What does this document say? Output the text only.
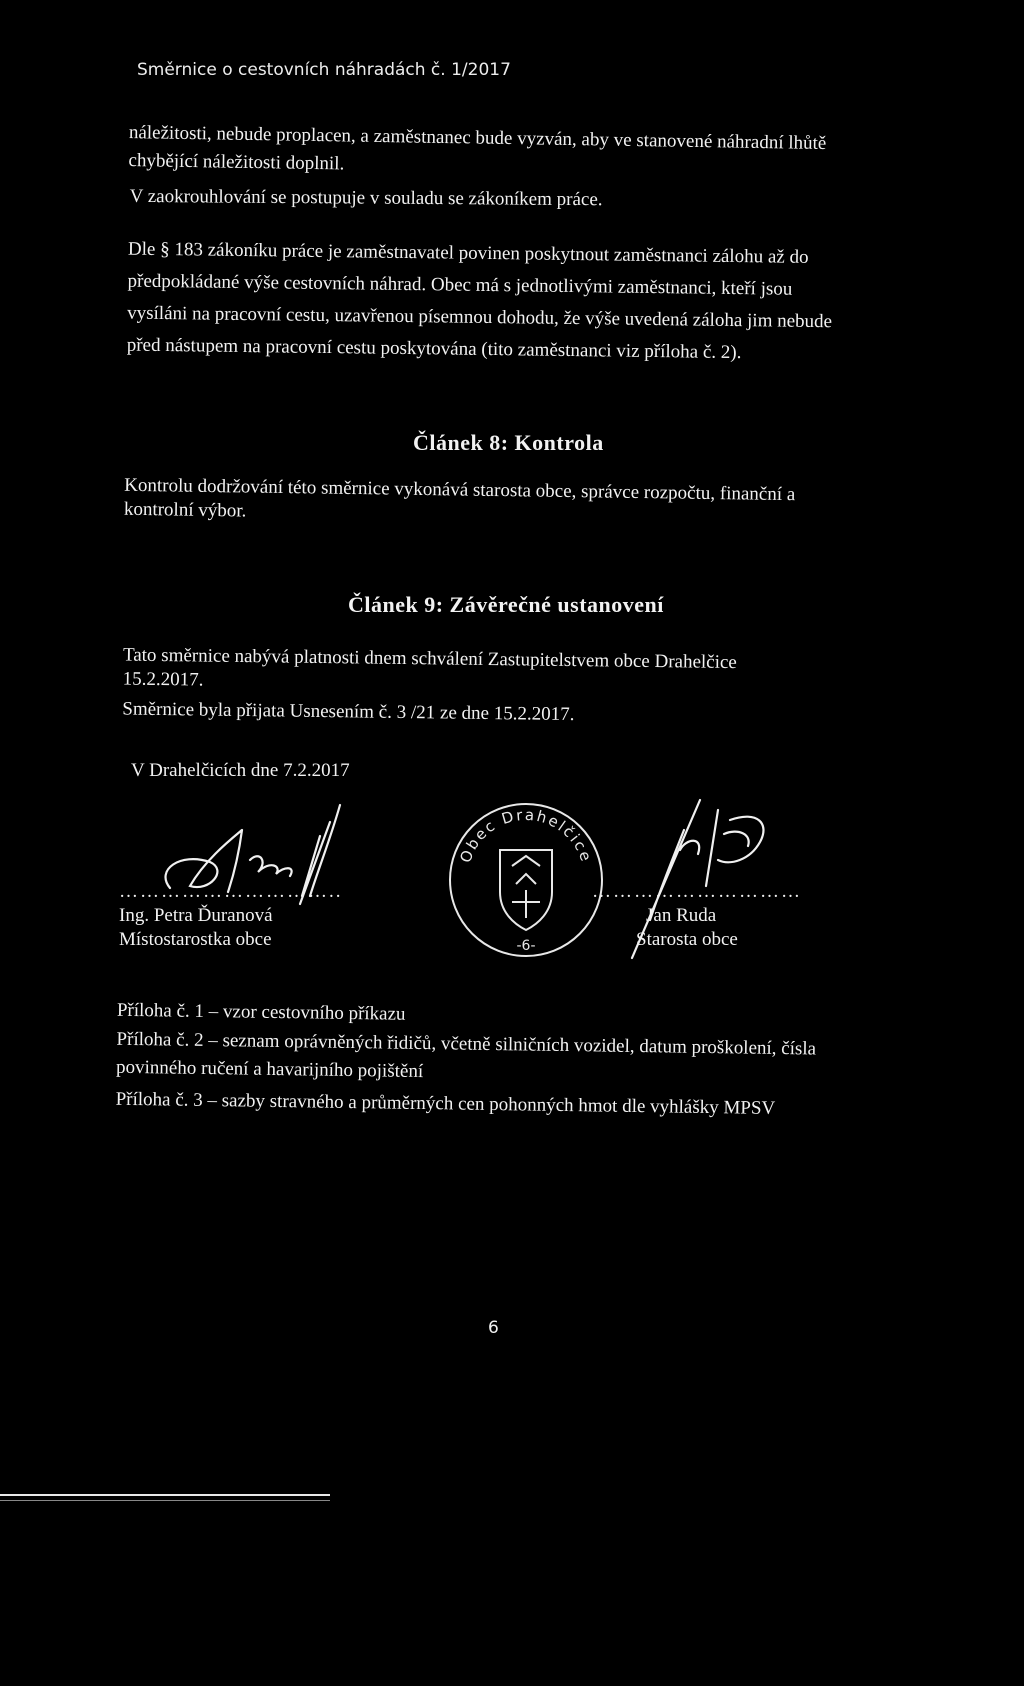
Směrnice o cestovních náhradách č. 1/2017

náležitosti, nebude proplacen, a zaměstnanec bude vyzván, aby ve stanovené náhradní lhůtě

chybějící náležitosti doplnil.

V zaokrouhlování se postupuje v souladu se zákoníkem práce.

Dle § 183 zákoníku práce je zaměstnavatel povinen poskytnout zaměstnanci zálohu až do

předpokládané výše cestovních náhrad. Obec má s jednotlivými zaměstnanci, kteří jsou

vysíláni na pracovní cestu, uzavřenou písemnou dohodu, že výše uvedená záloha jim nebude

před nástupem na pracovní cestu poskytována (tito zaměstnanci viz příloha č. 2).

Článek 8: Kontrola

Kontrolu dodržování této směrnice vykonává starosta obce, správce rozpočtu, finanční a

kontrolní výbor.

Článek 9: Závěrečné ustanovení

Tato směrnice nabývá platnosti dnem schválení Zastupitelstvem obce Drahelčice

15.2.2017.

Směrnice byla přijata Usnesením č. 3 /21 ze dne 15.2.2017.

V Drahelčicích dne 7.2.2017

…………………………..
Ing. Petra Ďuranová
Místostarostka obce
Obec Drahelčice
-6-
…………………………
Jan Ruda
Starosta obce

Příloha č. 1 – vzor cestovního příkazu

Příloha č. 2 – seznam oprávněných řidičů, včetně silničních vozidel, datum proškolení, čísla

povinného ručení a havarijního pojištění

Příloha č. 3 – sazby stravného a průměrných cen pohonných hmot dle vyhlášky MPSV

6
